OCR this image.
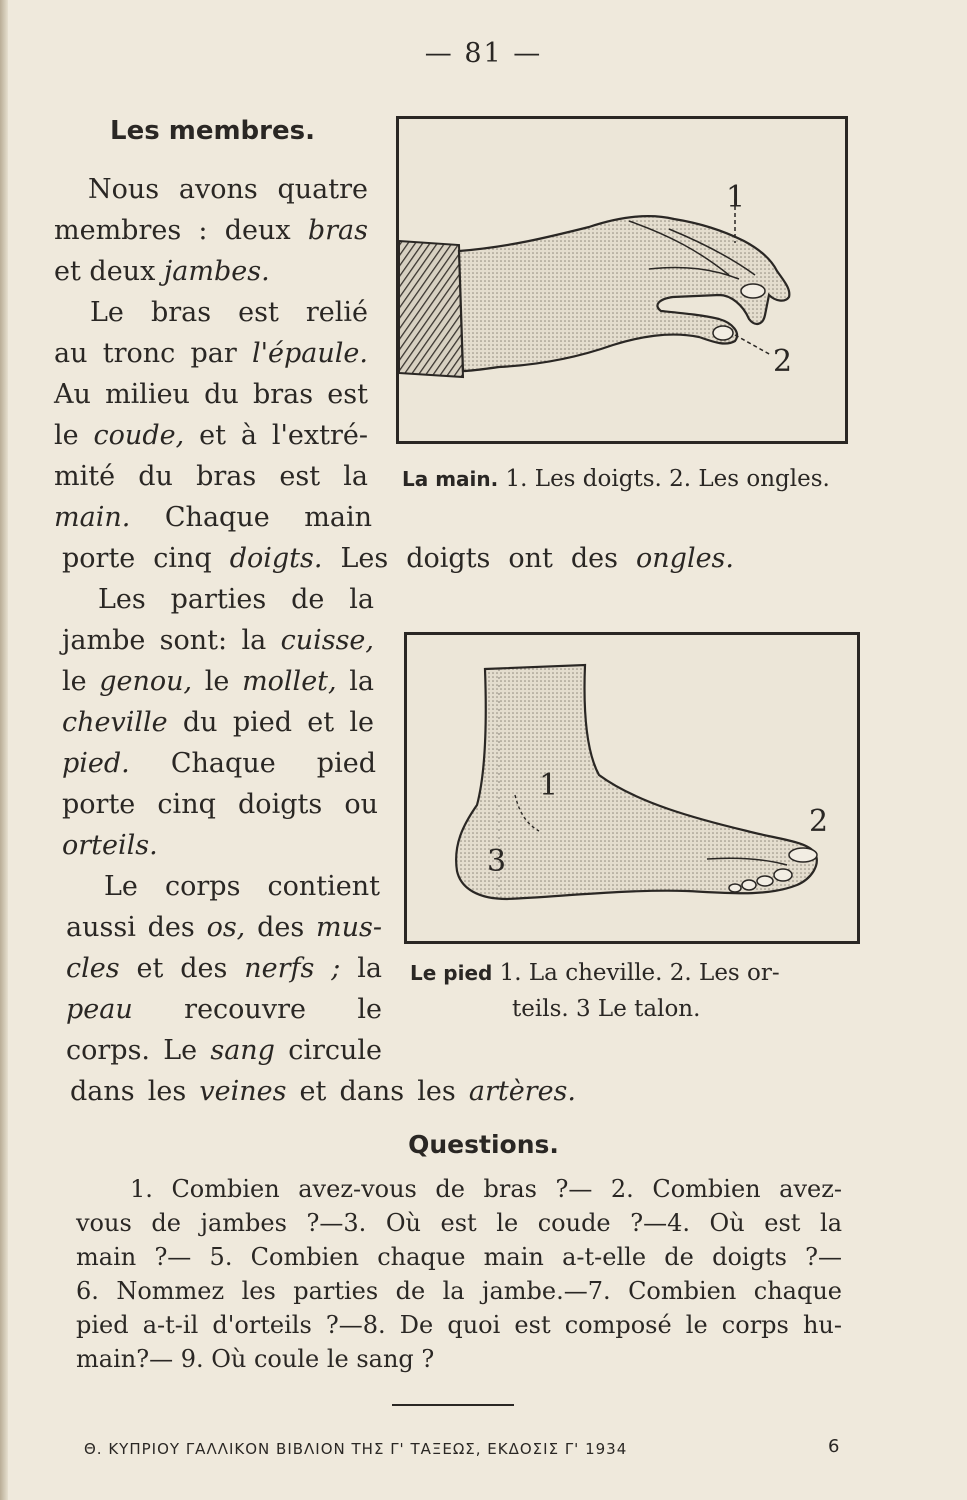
— 81 —
Les membres.
Nous avons quatre
membres : deux bras
et deux jambes.
Le bras est relié
au tronc par l'épaule.
Au milieu du bras est
le coude, et à l'extré-
mité du bras est la
main. Chaque main
porte cinq doigts. Les doigts ont des ongles.
Les parties de la
jambe sont: la cuisse,
le genou, le mollet, la
cheville du pied et le
pied. Chaque pied
porte cinq doigts ou
orteils.
Le corps contient
aussi des os, des mus-
cles et des nerfs ; la
peau recouvre le
corps. Le sang circule
dans les veines et dans les artères.
1
2
La main. 1. Les doigts. 2. Les ongles.
1
2
3
Le pied 1. La cheville. 2. Les or-
teils. 3 Le talon.
Questions.
1. Combien avez-vous de bras ?— 2. Combien avez-
vous de jambes ?—3. Où est le coude ?—4. Où est la
main ?— 5. Combien chaque main a-t-elle de doigts ?—
6. Nommez les parties de la jambe.—7. Combien chaque
pied a-t-il d'orteils ?—8. De quoi est composé le corps hu-
main?— 9. Où coule le sang ?
Θ. ΚΥΠΡΙΟΥ ΓΑΛΛΙΚΟΝ ΒΙΒΛΙΟΝ ΤΗΣ Γ' ΤΑΞΕΩΣ, ΕΚΔΟΣΙΣ Γ' 1934	6
